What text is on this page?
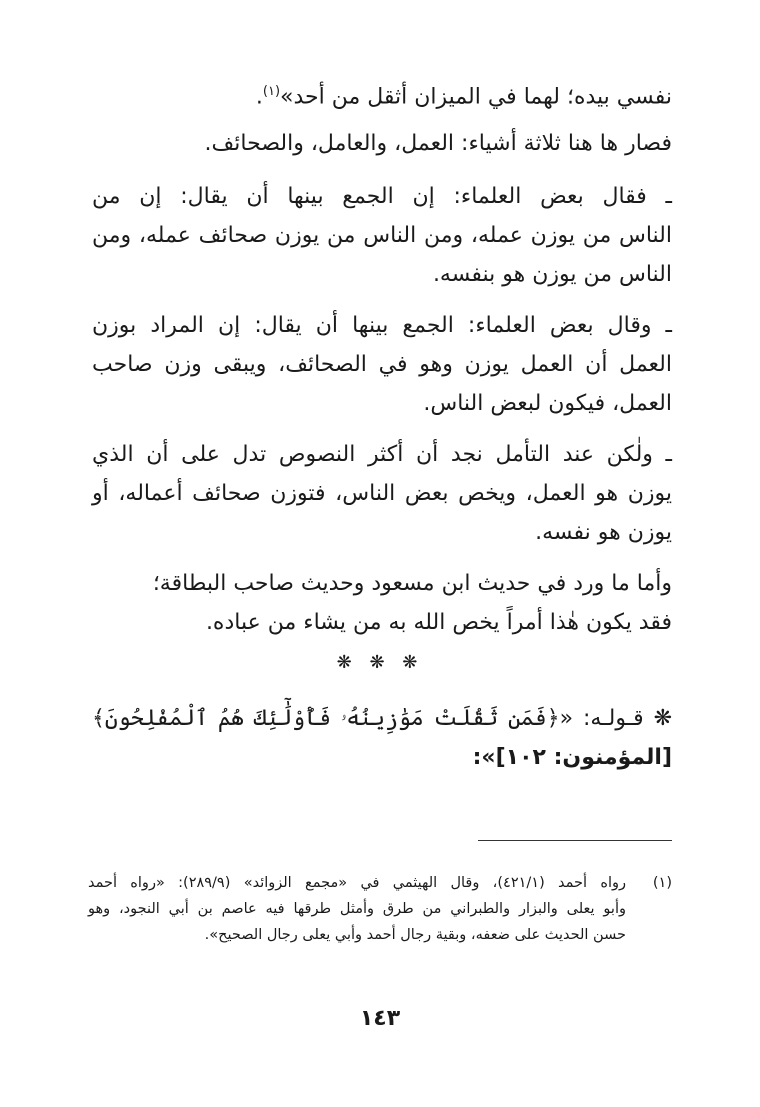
نفسي بيده؛ لهما في الميزان أثقل من أحد»$^{(١)}$.
فصار ها هنا ثلاثة أشياء: العمل، والعامل، والصحائف.
ـ فقال بعض العلماء: إن الجمع بينها أن يقال: إن من
الناس من يوزن عمله، ومن الناس من يوزن صحائف عمله، ومن
الناس من يوزن هو بنفسه.
ـ وقال بعض العلماء: الجمع بينها أن يقال: إن المراد بوزن
العمل أن العمل يوزن وهو في الصحائف، ويبقى وزن صاحب
العمل، فيكون لبعض الناس.
ـ ولٰكن عند التأمل نجد أن أكثر النصوص تدل على أن الذي
يوزن هو العمل، ويخص بعض الناس، فتوزن صحائف أعماله، أو
يوزن هو نفسه.
وأما ما ورد في حديث ابن مسعود وحديث صاحب البطاقة؛
فقد يكون هٰذا أمراً يخص الله به من يشاء من عباده.
❋ قـولـه: «﴿فَمَن ثَقُلَتْ مَوَٰزِينُهُۥ فَأُوْلَٰٓئِكَ هُمُ ٱلْمُفْلِحُونَ﴾
[المؤمنون: ١٠٢]»:
❋ ❋ ❋
(١)
رواه أحمد (٤٢١/١)، وقال الهيثمي في «مجمع الزوائد» (٢٨٩/٩): «رواه أحمد
وأبو يعلى والبزار والطبراني من طرق وأمثل طرقها فيه عاصم بن أبي النجود، وهو
حسن الحديث على ضعفه، وبقية رجال أحمد وأبي يعلى رجال الصحيح».
١٤٣
